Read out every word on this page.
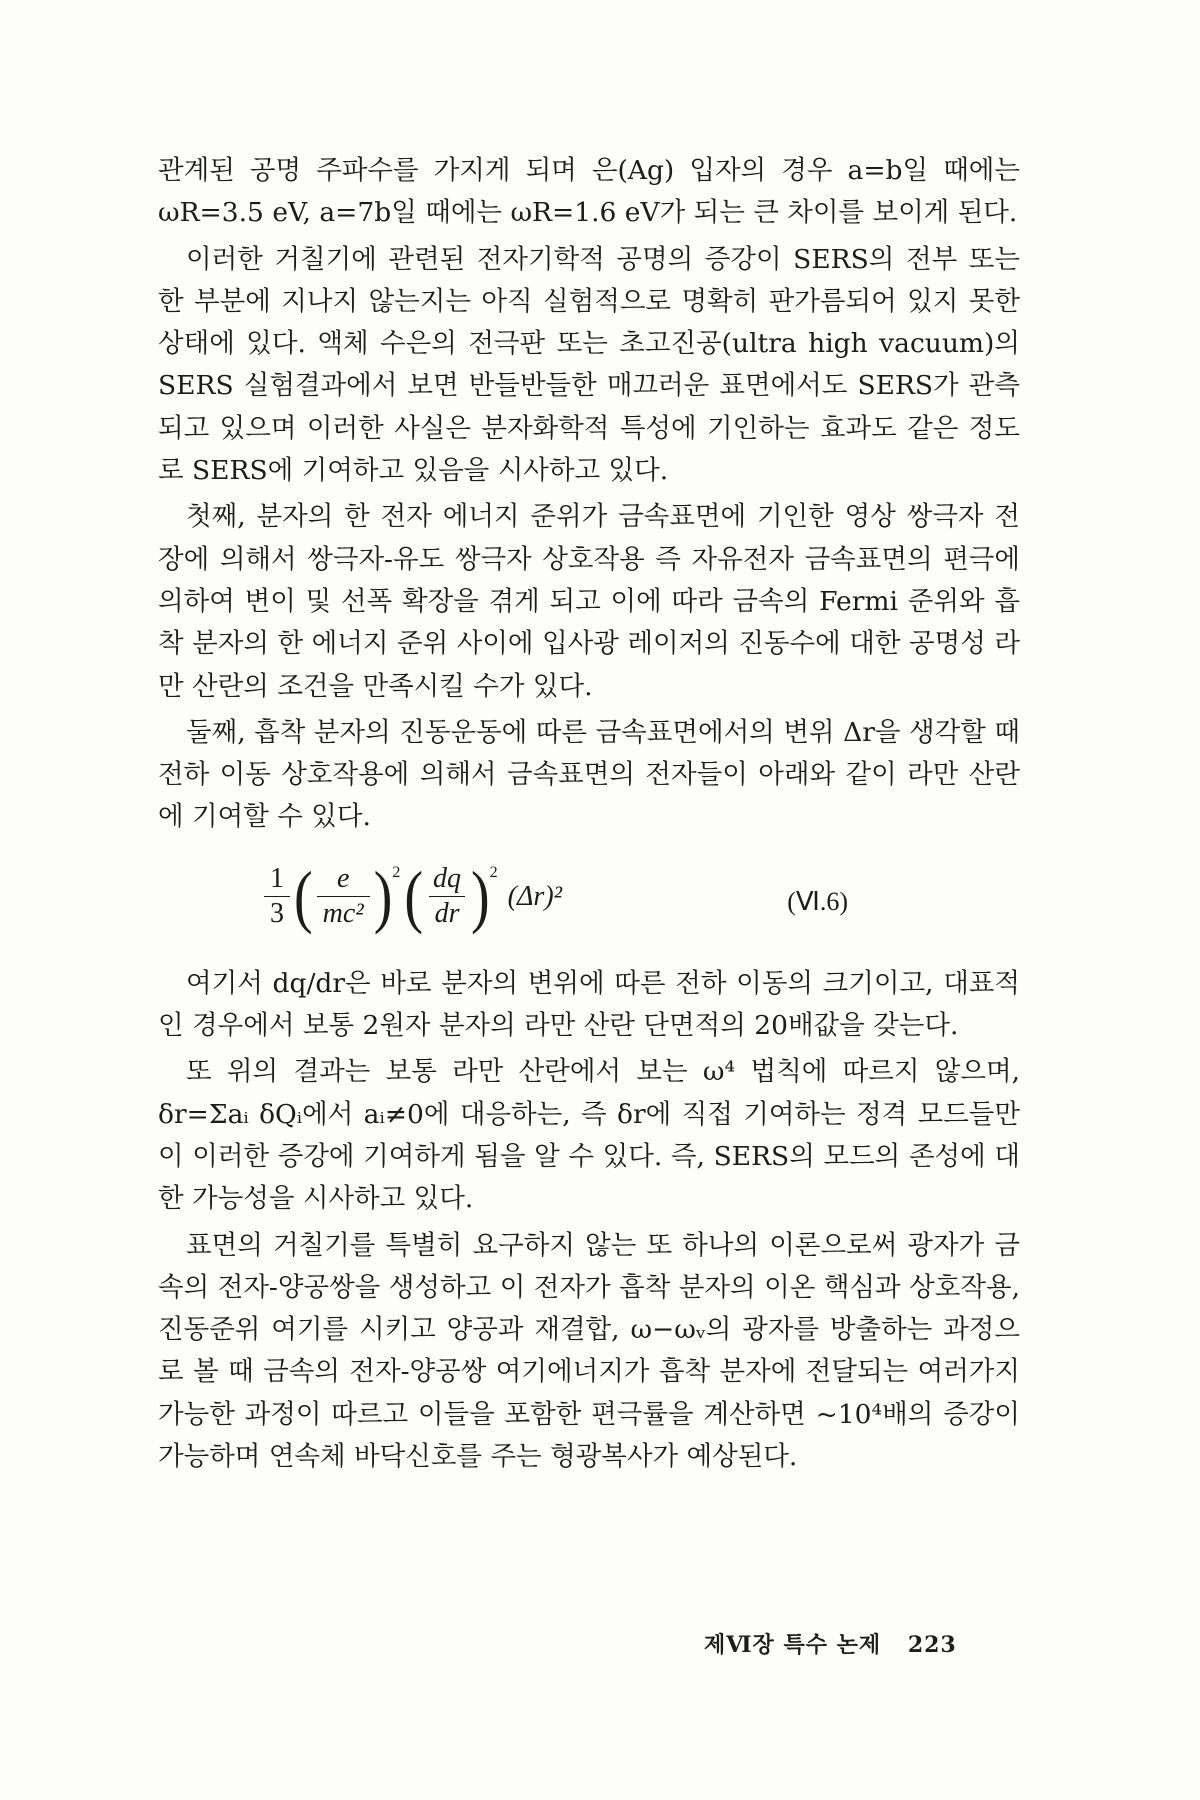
관계된 공명 주파수를 가지게 되며 은(Ag) 입자의 경우 a=b일 때에는 ωR=3.5 eV, a=7b일 때에는 ωR=1.6 eV가 되는 큰 차이를 보이게 된다.

이러한 거칠기에 관련된 전자기학적 공명의 증강이 SERS의 전부 또는 한 부분에 지나지 않는지는 아직 실험적으로 명확히 판가름되어 있지 못한 상태에 있다. 액체 수은의 전극판 또는 초고진공(ultra high vacuum)의 SERS 실험결과에서 보면 반들반들한 매끄러운 표면에서도 SERS가 관측되고 있으며 이러한 사실은 분자화학적 특성에 기인하는 효과도 같은 정도로 SERS에 기여하고 있음을 시사하고 있다.

첫째, 분자의 한 전자 에너지 준위가 금속표면에 기인한 영상 쌍극자 전장에 의해서 쌍극자-유도 쌍극자 상호작용 즉 자유전자 금속표면의 편극에 의하여 변이 및 선폭 확장을 겪게 되고 이에 따라 금속의 Fermi 준위와 흡착 분자의 한 에너지 준위 사이에 입사광 레이저의 진동수에 대한 공명성 라만 산란의 조건을 만족시킬 수가 있다.

둘째, 흡착 분자의 진동운동에 따른 금속표면에서의 변위 Δr을 생각할 때 전하 이동 상호작용에 의해서 금속표면의 전자들이 아래와 같이 라만 산란에 기여할 수 있다.

$\frac{1}{3}$ ( $\frac{e}{\text{mc²}}$ ) 2 ( $\frac{dq}{dr}$ ) 2
(Δr)²	(Ⅵ.6)

여기서 dq/dr은 바로 분자의 변위에 따른 전하 이동의 크기이고, 대표적인 경우에서 보통 2원자 분자의 라만 산란 단면적의 20배값을 갖는다.

또 위의 결과는 보통 라만 산란에서 보는 ω⁴ 법칙에 따르지 않으며, δr=Σaᵢ δQᵢ에서 aᵢ≠0에 대응하는, 즉 δr에 직접 기여하는 정격 모드들만이 이러한 증강에 기여하게 됨을 알 수 있다. 즉, SERS의 모드의 존성에 대한 가능성을 시사하고 있다.

표면의 거칠기를 특별히 요구하지 않는 또 하나의 이론으로써 광자가 금속의 전자-양공쌍을 생성하고 이 전자가 흡착 분자의 이온 핵심과 상호작용, 진동준위 여기를 시키고 양공과 재결합, ω−ωᵥ의 광자를 방출하는 과정으로 볼 때 금속의 전자-양공쌍 여기에너지가 흡착 분자에 전달되는 여러가지 가능한 과정이 따르고 이들을 포함한 편극률을 계산하면 ~10⁴배의 증강이 가능하며 연속체 바닥신호를 주는 형광복사가 예상된다.

제Ⅵ장 특수 논제 223
